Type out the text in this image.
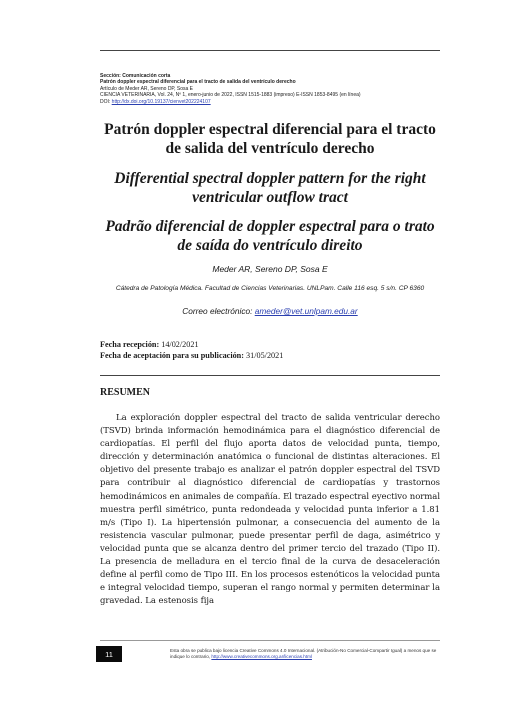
Sección: Comunicación corta
Patrón doppler espectral diferencial para el tracto de salida del ventrículo derecho
Artículo de Meder AR, Sereno DP, Sosa E
CIENCIA VETERINARIA, Vol. 24, Nº 1, enero-junio de 2022, ISSN 1515-1883 (impreso) E-ISSN 1853-8495 (en línea)
DOI: http://dx.doi.org/10.19137/cienvet202224107
Patrón doppler espectral diferencial para el tracto de salida del ventrículo derecho
Differential spectral doppler pattern for the right ventricular outflow tract
Padrão diferencial de doppler espectral para o trato de saída do ventrículo direito
Meder AR, Sereno DP, Sosa E
Cátedra de Patología Médica. Facultad de Ciencias Veterinarias. UNLPam. Calle 116 esq. 5 s/n. CP 6360
Correo electrónico: ameder@vet.unlpam.edu.ar
Fecha recepción: 14/02/2021
Fecha de aceptación para su publicación: 31/05/2021
RESUMEN

La exploración doppler espectral del tracto de salida ventricular derecho (TSVD) brinda información hemodinámica para el diagnóstico diferencial de cardiopatías. El perfil del flujo aporta datos de velocidad punta, tiempo, dirección y determinación anatómica o funcional de distintas alteraciones. El objetivo del presente trabajo es analizar el patrón doppler espectral del TSVD para contribuir al diagnóstico diferencial de cardiopatías y trastornos hemodinámicos en animales de compañía. El trazado espectral eyectivo normal muestra perfil simétrico, punta redondeada y velocidad punta inferior a 1.81 m/s (Tipo I). La hipertensión pulmonar, a consecuencia del aumento de la resistencia vascular pulmonar, puede presentar perfil de daga, asimétrico y velocidad punta que se alcanza dentro del primer tercio del trazado (Tipo II). La presencia de melladura en el tercio final de la curva de desaceleración define al perfil como de Tipo III. En los procesos estenóticos la velocidad punta e integral velocidad tiempo, superan el rango normal y permiten determinar la gravedad. La estenosis fija

11	Esta obra se publica bajo licencia Creative Commons 4.0 Internacional. (Atribución-No Comercial-Compartir Igual) a menos que se indique lo contrario, http://www.creativecommons.org.ar/licencias.html
